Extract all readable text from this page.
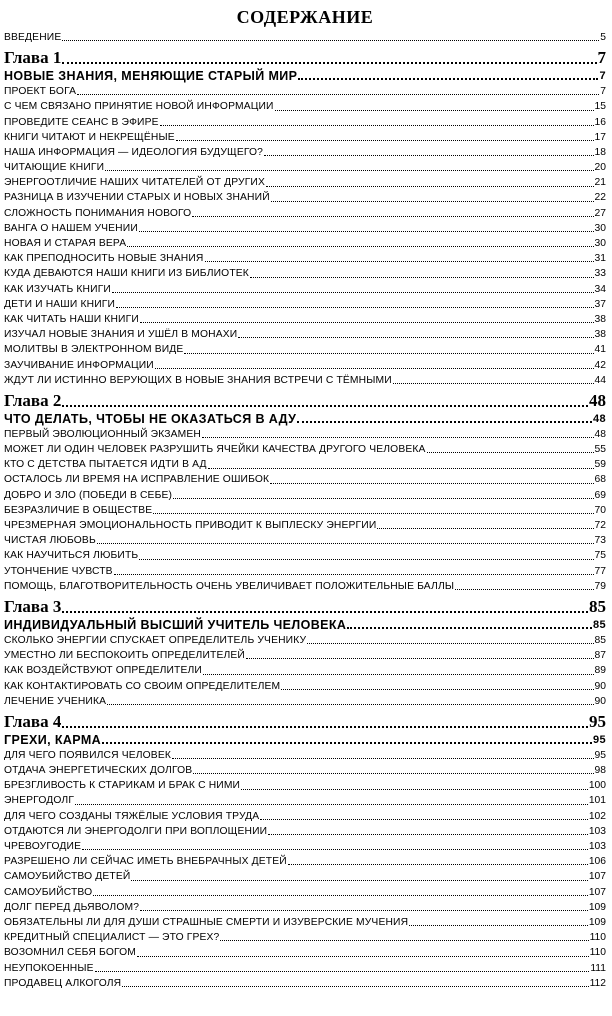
СОДЕРЖАНИЕ
ВВЕДЕНИЕ	5
Глава 1	7
НОВЫЕ ЗНАНИЯ, МЕНЯЮЩИЕ СТАРЫЙ МИР	7
ПРОЕКТ БОГА	7
С ЧЕМ СВЯЗАНО ПРИНЯТИЕ НОВОЙ ИНФОРМАЦИИ	15
ПРОВЕДИТЕ СЕАНС В ЭФИРЕ	16
КНИГИ ЧИТАЮТ И НЕКРЕЩЁНЫЕ	17
НАША ИНФОРМАЦИЯ — ИДЕОЛОГИЯ БУДУЩЕГО?	18
ЧИТАЮЩИЕ КНИГИ	20
ЭНЕРГООТЛИЧИЕ НАШИХ ЧИТАТЕЛЕЙ ОТ ДРУГИХ	21
РАЗНИЦА В ИЗУЧЕНИИ СТАРЫХ И НОВЫХ ЗНАНИЙ	22
СЛОЖНОСТЬ ПОНИМАНИЯ НОВОГО	27
ВАНГА О НАШЕМ УЧЕНИИ	30
НОВАЯ И СТАРАЯ ВЕРА	30
КАК ПРЕПОДНОСИТЬ НОВЫЕ ЗНАНИЯ	31
КУДА ДЕВАЮТСЯ НАШИ КНИГИ ИЗ БИБЛИОТЕК	33
КАК ИЗУЧАТЬ КНИГИ	34
ДЕТИ И НАШИ КНИГИ	37
КАК ЧИТАТЬ НАШИ КНИГИ	38
ИЗУЧАЛ НОВЫЕ ЗНАНИЯ И УШЁЛ В МОНАХИ	38
МОЛИТВЫ В ЭЛЕКТРОННОМ ВИДЕ	41
ЗАУЧИВАНИЕ ИНФОРМАЦИИ	42
ЖДУТ ЛИ ИСТИННО ВЕРУЮЩИХ В НОВЫЕ ЗНАНИЯ ВСТРЕЧИ С ТЁМНЫМИ	44
Глава 2	48
ЧТО ДЕЛАТЬ, ЧТОБЫ НЕ ОКАЗАТЬСЯ В АДУ	48
ПЕРВЫЙ ЭВОЛЮЦИОННЫЙ ЭКЗАМЕН	48
МОЖЕТ ЛИ ОДИН ЧЕЛОВЕК РАЗРУШИТЬ ЯЧЕЙКИ КАЧЕСТВА ДРУГОГО ЧЕЛОВЕКА	55
КТО С ДЕТСТВА ПЫТАЕТСЯ ИДТИ В АД	59
ОСТАЛОСЬ ЛИ ВРЕМЯ НА ИСПРАВЛЕНИЕ ОШИБОК	68
ДОБРО И ЗЛО (ПОБЕДИ В СЕБЕ)	69
БЕЗРАЗЛИЧИЕ В ОБЩЕСТВЕ	70
ЧРЕЗМЕРНАЯ ЭМОЦИОНАЛЬНОСТЬ ПРИВОДИТ К ВЫПЛЕСКУ ЭНЕРГИИ	72
ЧИСТАЯ ЛЮБОВЬ	73
КАК НАУЧИТЬСЯ ЛЮБИТЬ	75
УТОНЧЕНИЕ ЧУВСТВ	77
ПОМОЩЬ, БЛАГОТВОРИТЕЛЬНОСТЬ ОЧЕНЬ УВЕЛИЧИВАЕТ ПОЛОЖИТЕЛЬНЫЕ БАЛЛЫ	79
Глава 3	85
ИНДИВИДУАЛЬНЫЙ ВЫСШИЙ УЧИТЕЛЬ ЧЕЛОВЕКА	85
СКОЛЬКО ЭНЕРГИИ СПУСКАЕТ ОПРЕДЕЛИТЕЛЬ УЧЕНИКУ	85
УМЕСТНО ЛИ БЕСПОКОИТЬ ОПРЕДЕЛИТЕЛЕЙ	87
КАК ВОЗДЕЙСТВУЮТ ОПРЕДЕЛИТЕЛИ	89
КАК КОНТАКТИРОВАТЬ СО СВОИМ ОПРЕДЕЛИТЕЛЕМ	90
ЛЕЧЕНИЕ УЧЕНИКА	90
Глава 4	95
ГРЕХИ, КАРМА	95
ДЛЯ ЧЕГО ПОЯВИЛСЯ ЧЕЛОВЕК	95
ОТДАЧА ЭНЕРГЕТИЧЕСКИХ ДОЛГОВ	98
БРЕЗГЛИВОСТЬ К СТАРИКАМ И БРАК С НИМИ	100
ЭНЕРГОДОЛГ	101
ДЛЯ ЧЕГО СОЗДАНЫ ТЯЖЁЛЫЕ УСЛОВИЯ ТРУДА	102
ОТДАЮТСЯ ЛИ ЭНЕРГОДОЛГИ ПРИ ВОПЛОЩЕНИИ	103
ЧРЕВОУГОДИЕ	103
РАЗРЕШЕНО ЛИ СЕЙЧАС ИМЕТЬ ВНЕБРАЧНЫХ ДЕТЕЙ	106
САМОУБИЙСТВО ДЕТЕЙ	107
САМОУБИЙСТВО	107
ДОЛГ ПЕРЕД ДЬЯВОЛОМ?	109
ОБЯЗАТЕЛЬНЫ ЛИ ДЛЯ ДУШИ СТРАШНЫЕ СМЕРТИ И ИЗУВЕРСКИЕ МУЧЕНИЯ	109
КРЕДИТНЫЙ СПЕЦИАЛИСТ — ЭТО ГРЕХ?	110
ВОЗОМНИЛ СЕБЯ БОГОМ	110
НЕУПОКОЕННЫЕ	111
ПРОДАВЕЦ АЛКОГОЛЯ	112
